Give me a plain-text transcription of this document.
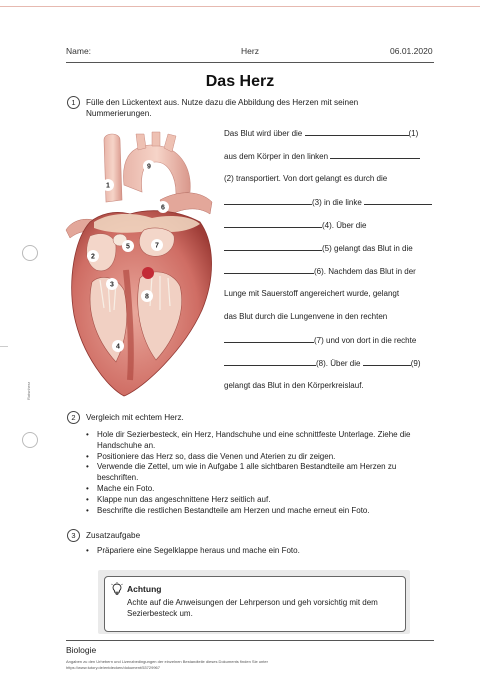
Ratsnherz
Name:	Herz	06.01.2020
Das Herz
1	Fülle den Lückentext aus. Nutze dazu die Abbildung des Herzen mit seinen Nummerierungen.
1
2
3
4
5
6
7
8
9
Das Blut wird über die	(1)
aus dem Körper in den linken
(2) transportiert. Von dort gelangt es durch die
(3) in die linke
(4). Über die
(5) gelangt das Blut in die
(6). Nachdem das Blut in der
Lunge mit Sauerstoff angereichert wurde, gelangt
das Blut durch die Lungenvene in den rechten
(7) und von dort in die rechte
(8). Über die	(9)
gelangt das Blut in den Körperkreislauf.
2	Vergleich mit echtem Herz.
• Hole dir Sezierbesteck, ein Herz, Handschuhe und eine schnittfeste Unterlage. Ziehe die Handschuhe an.
• Positioniere das Herz so, dass die Venen und Aterien zu dir zeigen.
• Verwende die Zettel, um wie in Aufgabe 1 alle sichtbaren Bestandteile am Herzen zu beschriften.
• Mache ein Foto.
• Klappe nun das angeschnittene Herz seitlich auf.
• Beschrifte die restlichen Bestandteile am Herzen und mache erneut ein Foto.
3	Zusatzaufgabe
• Präpariere eine Segelklappe heraus und mache ein Foto.
Achtung
Achte auf die Anweisungen der Lehrperson und geh vorsichtig mit dem Sezierbesteck um.
Biologie
Angaben zu den Urhebern und Lizenzbedingungen der einzelnen Bestandteile dieses Dokuments finden Sie unter
https://www.tutory.de/entdecken/dokument/53729967
